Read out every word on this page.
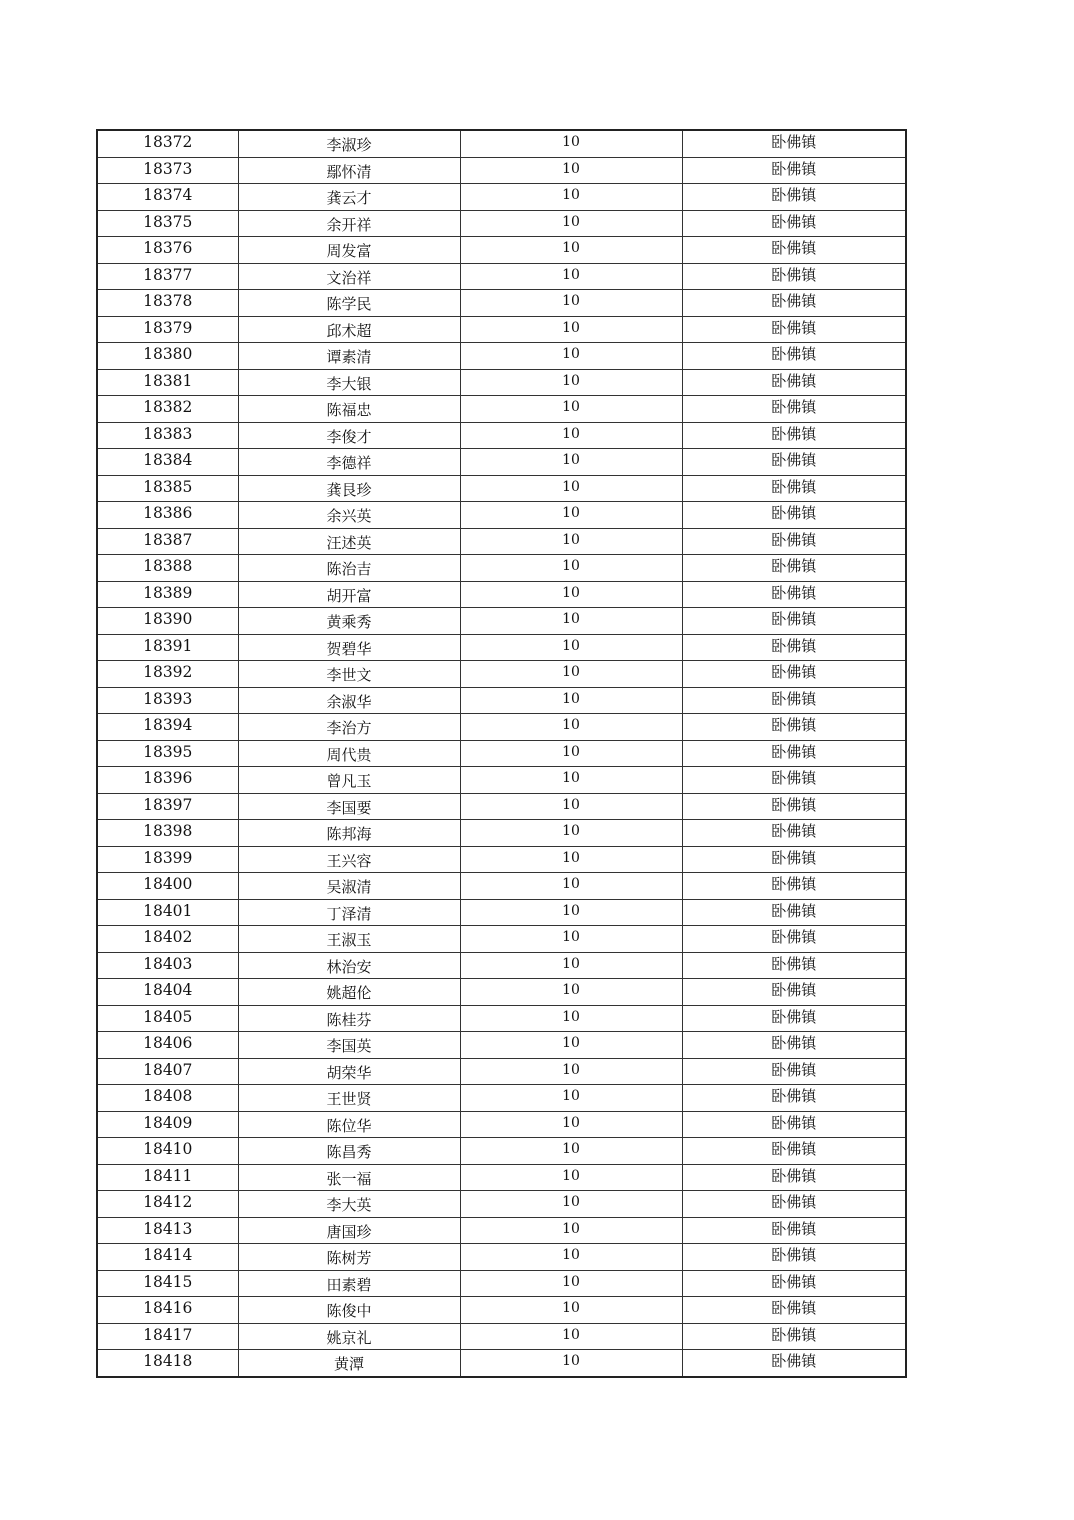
18372	李淑珍	10	卧佛镇
18373	鄢怀清	10	卧佛镇
18374	龚云才	10	卧佛镇
18375	余开祥	10	卧佛镇
18376	周发富	10	卧佛镇
18377	文治祥	10	卧佛镇
18378	陈学民	10	卧佛镇
18379	邱术超	10	卧佛镇
18380	谭素清	10	卧佛镇
18381	李大银	10	卧佛镇
18382	陈福忠	10	卧佛镇
18383	李俊才	10	卧佛镇
18384	李德祥	10	卧佛镇
18385	龚艮珍	10	卧佛镇
18386	余兴英	10	卧佛镇
18387	汪述英	10	卧佛镇
18388	陈治吉	10	卧佛镇
18389	胡开富	10	卧佛镇
18390	黄乘秀	10	卧佛镇
18391	贺碧华	10	卧佛镇
18392	李世文	10	卧佛镇
18393	余淑华	10	卧佛镇
18394	李治方	10	卧佛镇
18395	周代贵	10	卧佛镇
18396	曾凡玉	10	卧佛镇
18397	李国要	10	卧佛镇
18398	陈邦海	10	卧佛镇
18399	王兴容	10	卧佛镇
18400	吴淑清	10	卧佛镇
18401	丁泽清	10	卧佛镇
18402	王淑玉	10	卧佛镇
18403	林治安	10	卧佛镇
18404	姚超伦	10	卧佛镇
18405	陈桂芬	10	卧佛镇
18406	李国英	10	卧佛镇
18407	胡荣华	10	卧佛镇
18408	王世贤	10	卧佛镇
18409	陈位华	10	卧佛镇
18410	陈昌秀	10	卧佛镇
18411	张一福	10	卧佛镇
18412	李大英	10	卧佛镇
18413	唐国珍	10	卧佛镇
18414	陈树芳	10	卧佛镇
18415	田素碧	10	卧佛镇
18416	陈俊中	10	卧佛镇
18417	姚京礼	10	卧佛镇
18418	黄潭	10	卧佛镇
